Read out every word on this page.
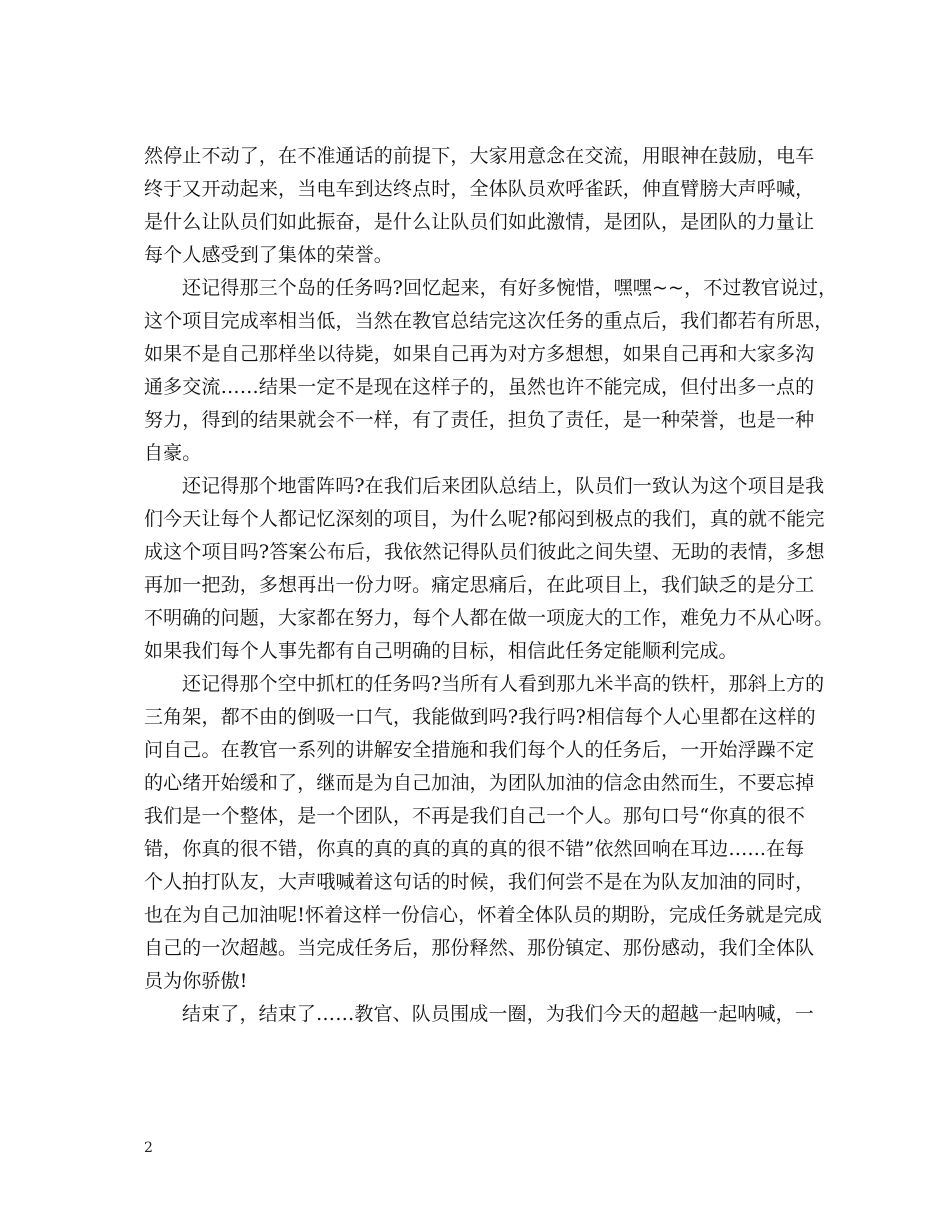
然停止不动了，在不准通话的前提下，大家用意念在交流，用眼神在鼓励，电车
终于又开动起来，当电车到达终点时，全体队员欢呼雀跃，伸直臂膀大声呼喊，
是什么让队员们如此振奋，是什么让队员们如此激情，是团队，是团队的力量让
每个人感受到了集体的荣誉。
还记得那三个岛的任务吗?回忆起来，有好多惋惜，嘿嘿~~，不过教官说过，
这个项目完成率相当低，当然在教官总结完这次任务的重点后，我们都若有所思，
如果不是自己那样坐以待毙，如果自己再为对方多想想，如果自己再和大家多沟
通多交流……结果一定不是现在这样子的，虽然也许不能完成，但付出多一点的
努力，得到的结果就会不一样，有了责任，担负了责任，是一种荣誉，也是一种
自豪。
还记得那个地雷阵吗?在我们后来团队总结上，队员们一致认为这个项目是我
们今天让每个人都记忆深刻的项目，为什么呢?郁闷到极点的我们，真的就不能完
成这个项目吗?答案公布后，我依然记得队员们彼此之间失望、无助的表情，多想
再加一把劲，多想再出一份力呀。痛定思痛后，在此项目上，我们缺乏的是分工
不明确的问题，大家都在努力，每个人都在做一项庞大的工作，难免力不从心呀。
如果我们每个人事先都有自己明确的目标，相信此任务定能顺利完成。
还记得那个空中抓杠的任务吗?当所有人看到那九米半高的铁杆，那斜上方的
三角架，都不由的倒吸一口气，我能做到吗?我行吗?相信每个人心里都在这样的
问自己。在教官一系列的讲解安全措施和我们每个人的任务后，一开始浮躁不定
的心绪开始缓和了，继而是为自己加油，为团队加油的信念由然而生，不要忘掉
我们是一个整体，是一个团队，不再是我们自己一个人。那句口号“你真的很不
错，你真的很不错，你真的真的真的真的真的很不错”依然回响在耳边…...在每
个人拍打队友，大声哦喊着这句话的时候，我们何尝不是在为队友加油的同时，
也在为自己加油呢!怀着这样一份信心，怀着全体队员的期盼，完成任务就是完成
自己的一次超越。当完成任务后，那份释然、那份镇定、那份感动，我们全体队
员为你骄傲!
结束了，结束了……教官、队员围成一圈，为我们今天的超越一起呐喊，一
2
